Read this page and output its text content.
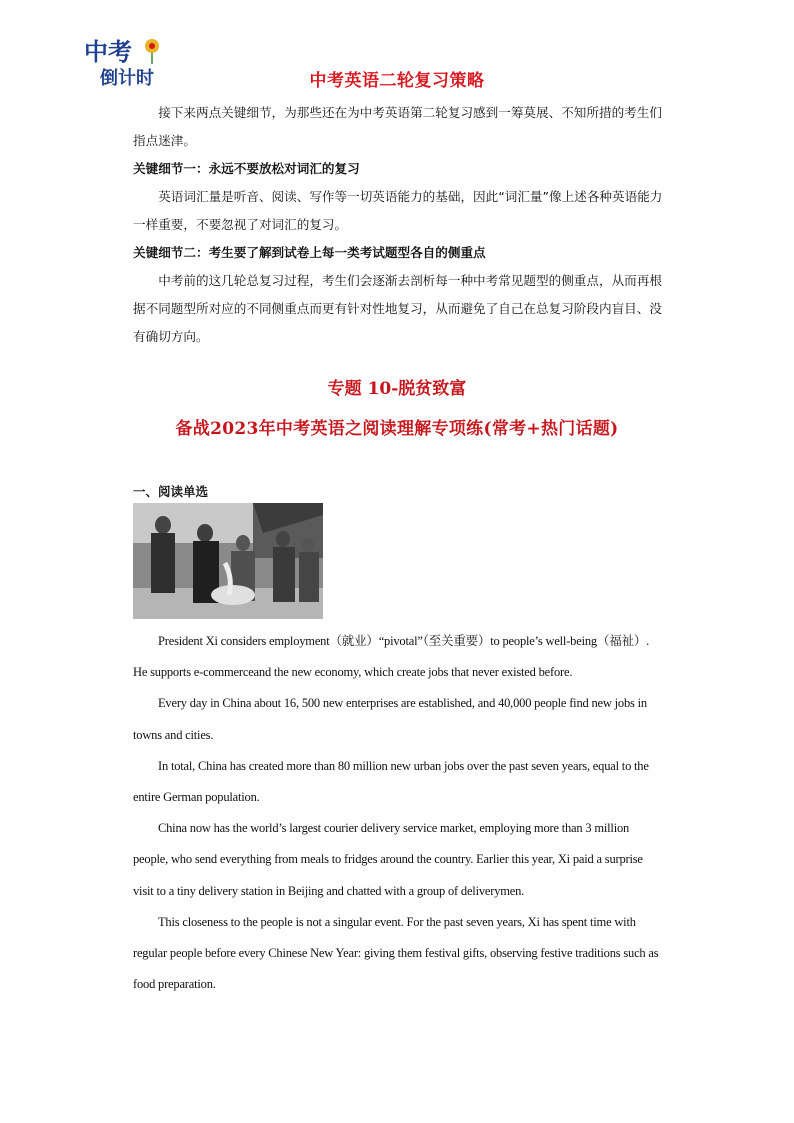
中考
倒计时	中考英语二轮复习策略

接下来两点关键细节，为那些还在为中考英语第二轮复习感到一筹莫展、不知所措的考生们指点迷津。

关键细节一：永远不要放松对词汇的复习

英语词汇量是听音、阅读、写作等一切英语能力的基础，因此“词汇量”像上述各种英语能力一样重要，不要忽视了对词汇的复习。

关键细节二：考生要了解到试卷上每一类考试题型各自的侧重点

中考前的这几轮总复习过程，考生们会逐渐去剖析每一种中考常见题型的侧重点，从而再根据不同题型所对应的不同侧重点而更有针对性地复习，从而避免了自己在总复习阶段内盲目、没有确切方向。

专题 10-脱贫致富
备战2023年中考英语之阅读理解专项练(常考+热门话题)
一、阅读单选

President Xi considers employment（就业）“pivotal”（至关重要）to people’s well-being（福祉）. He supports e-commerceand the new economy, which create jobs that never existed before.

Every day in China about 16, 500 new enterprises are established, and 40,000 people find new jobs in towns and cities.

In total, China has created more than 80 million new urban jobs over the past seven years, equal to the entire German population.

China now has the world’s largest courier delivery service market, employing more than 3 million people, who send everything from meals to fridges around the country. Earlier this year, Xi paid a surprise visit to a tiny delivery station in Beijing and chatted with a group of deliverymen.

This closeness to the people is not a singular event. For the past seven years, Xi has spent time with regular people before every Chinese New Year: giving them festival gifts, observing festive traditions such as food preparation.
